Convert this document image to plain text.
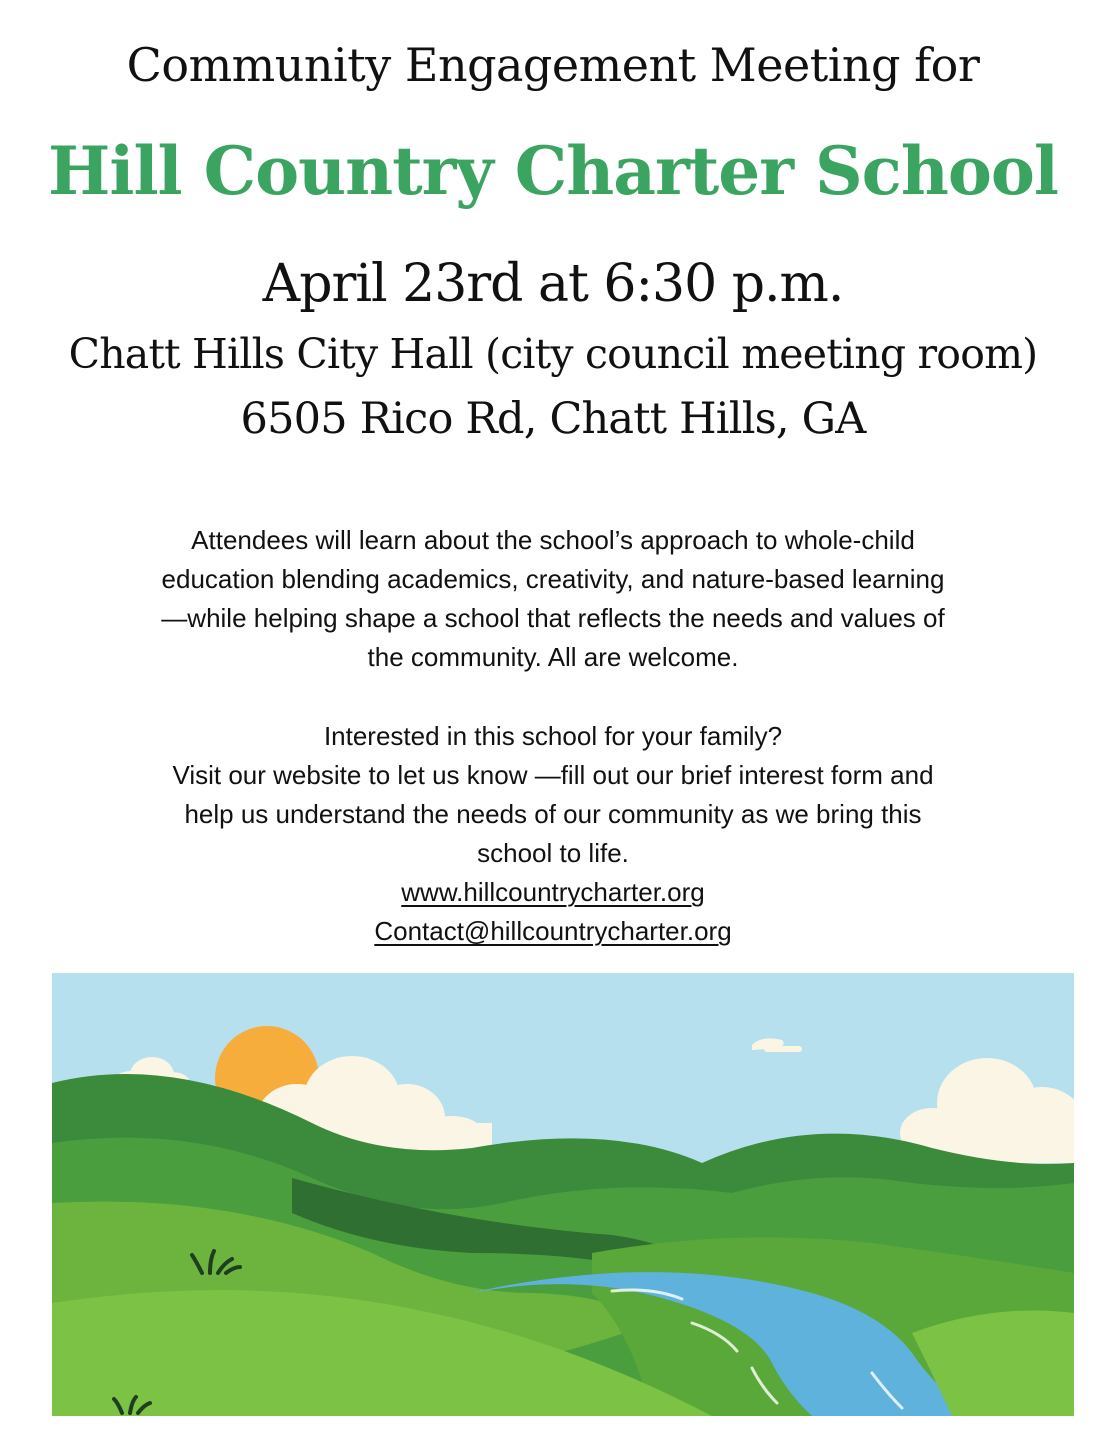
Community Engagement Meeting for
Hill Country Charter School
April 23rd at 6:30 p.m.
Chatt Hills City Hall (city council meeting room)
6505 Rico Rd, Chatt Hills, GA
Attendees will learn about the school’s approach to whole-child
education blending academics, creativity, and nature-based learning
—while helping shape a school that reflects the needs and values of
the community. All are welcome.
Interested in this school for your family?
Visit our website to let us know —fill out our brief interest form and
help us understand the needs of our community as we bring this
school to life.
www.hillcountrycharter.org
Contact@hillcountrycharter.org
